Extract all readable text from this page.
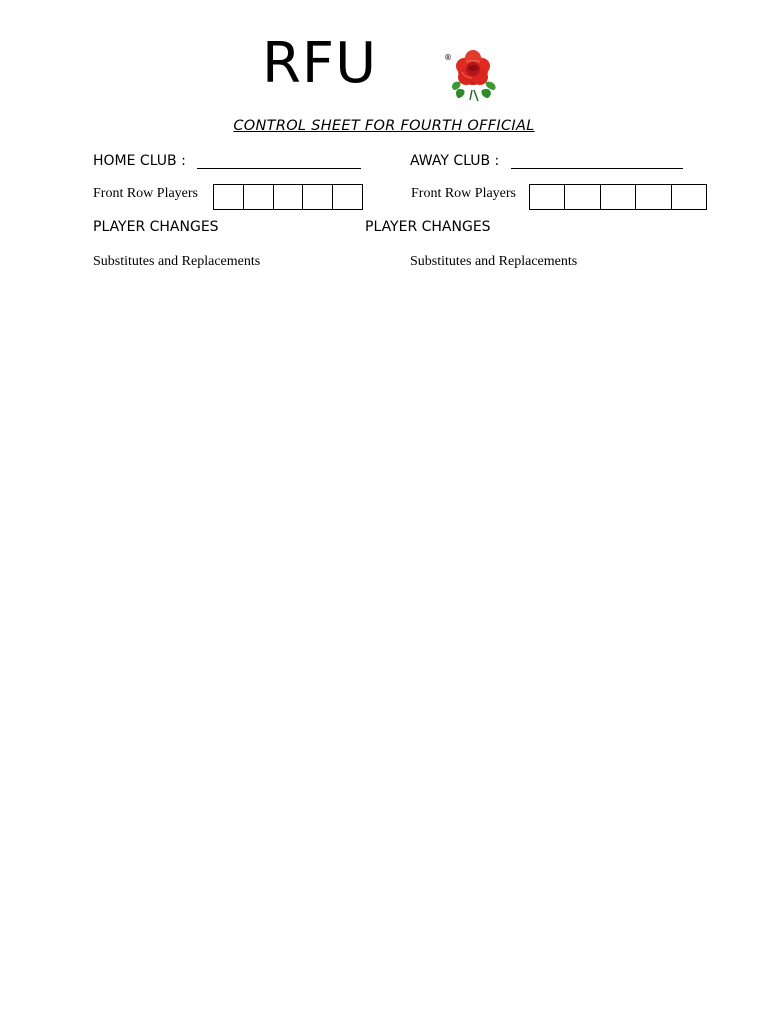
RFU	®
CONTROL SHEET FOR FOURTH OFFICIAL
HOME CLUB :	AWAY CLUB :
Front Row Players	Front Row Players
PLAYER CHANGES	PLAYER CHANGES
Substitutes and Replacements	Substitutes and Replacements
